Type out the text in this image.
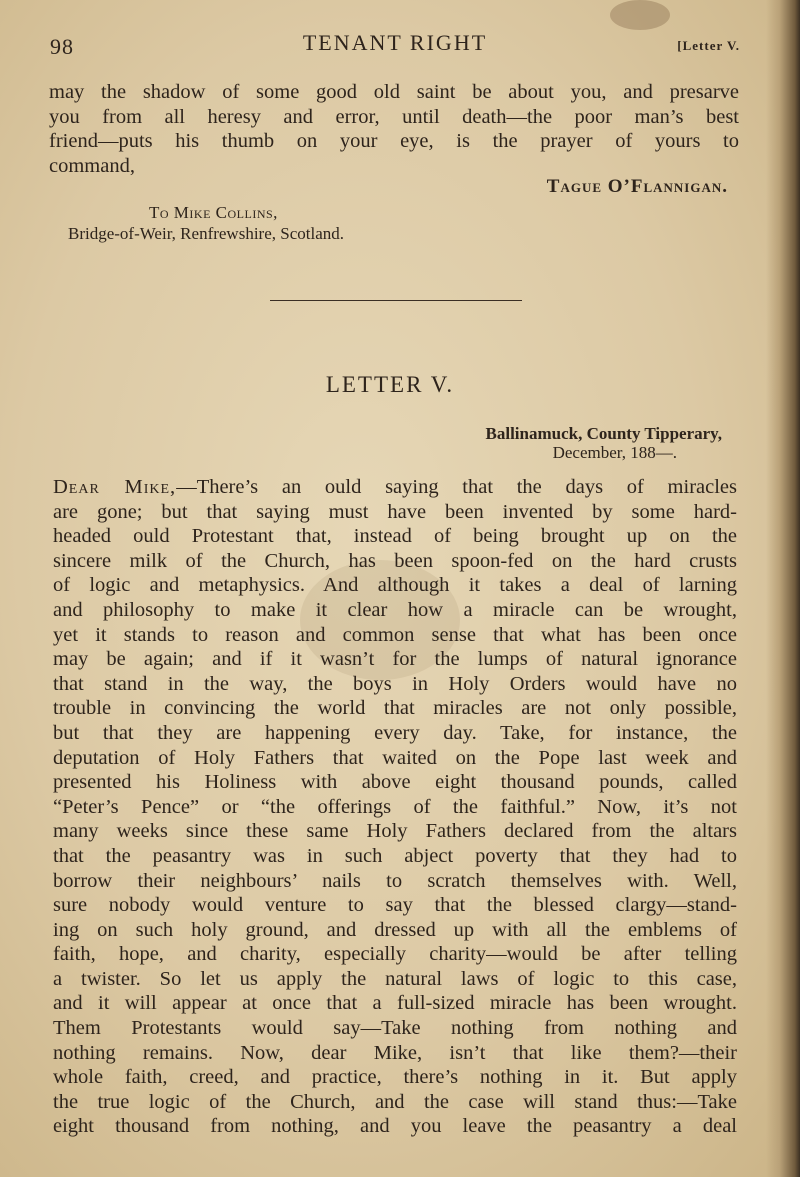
98	TENANT RIGHT	[Letter V.
may the shadow of some good old saint be about you, and presarve
you from all heresy and error, until death—the poor man’s best
friend—puts his thumb on your eye, is the prayer of yours to
command,
Tague O’Flannigan.
To Mike Collins,
Bridge-of-Weir, Renfrewshire, Scotland.
LETTER V.
Ballinamuck, County Tipperary,
December, 188—.
Dear Mike,—There’s an ould saying that the days of miracles
are gone; but that saying must have been invented by some hard-
headed ould Protestant that, instead of being brought up on the
sincere milk of the Church, has been spoon-fed on the hard crusts
of logic and metaphysics. And although it takes a deal of larning
and philosophy to make it clear how a miracle can be wrought,
yet it stands to reason and common sense that what has been once
may be again; and if it wasn’t for the lumps of natural ignorance
that stand in the way, the boys in Holy Orders would have no
trouble in convincing the world that miracles are not only possible,
but that they are happening every day. Take, for instance, the
deputation of Holy Fathers that waited on the Pope last week and
presented his Holiness with above eight thousand pounds, called
“Peter’s Pence” or “the offerings of the faithful.” Now, it’s not
many weeks since these same Holy Fathers declared from the altars
that the peasantry was in such abject poverty that they had to
borrow their neighbours’ nails to scratch themselves with. Well,
sure nobody would venture to say that the blessed clargy—stand-
ing on such holy ground, and dressed up with all the emblems of
faith, hope, and charity, especially charity—would be after telling
a twister. So let us apply the natural laws of logic to this case,
and it will appear at once that a full-sized miracle has been wrought.
Them Protestants would say—Take nothing from nothing and
nothing remains. Now, dear Mike, isn’t that like them?—their
whole faith, creed, and practice, there’s nothing in it. But apply
the true logic of the Church, and the case will stand thus:—Take
eight thousand from nothing, and you leave the peasantry a deal
